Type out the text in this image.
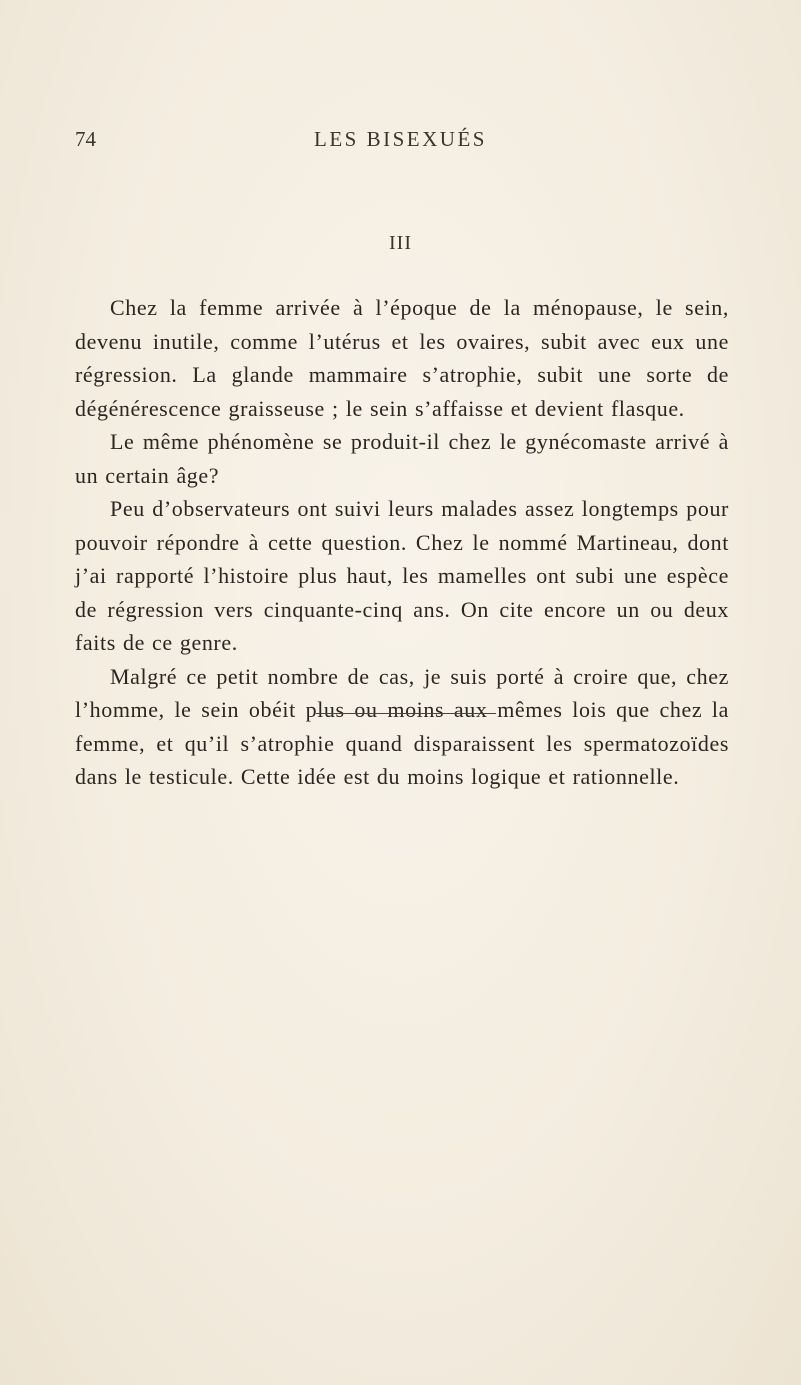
74	LES BISEXUÉS
III

Chez la femme arrivée à l’époque de la ménopause, le sein, devenu inutile, comme l’utérus et les ovaires, subit avec eux une régression. La glande mammaire s’atrophie, subit une sorte de dégénérescence graisseuse ; le sein s’affaisse et devient flasque.

Le même phénomène se produit-il chez le gynécomaste arrivé à un certain âge?

Peu d’observateurs ont suivi leurs malades assez longtemps pour pouvoir répondre à cette question. Chez le nommé Martineau, dont j’ai rapporté l’histoire plus haut, les mamelles ont subi une espèce de régression vers cinquante-cinq ans. On cite encore un ou deux faits de ce genre.

Malgré ce petit nombre de cas, je suis porté à croire que, chez l’homme, le sein obéit plus ou moins aux mêmes lois que chez la femme, et qu’il s’atrophie quand disparaissent les spermatozoïdes dans le testicule. Cette idée est du moins logique et rationnelle.
